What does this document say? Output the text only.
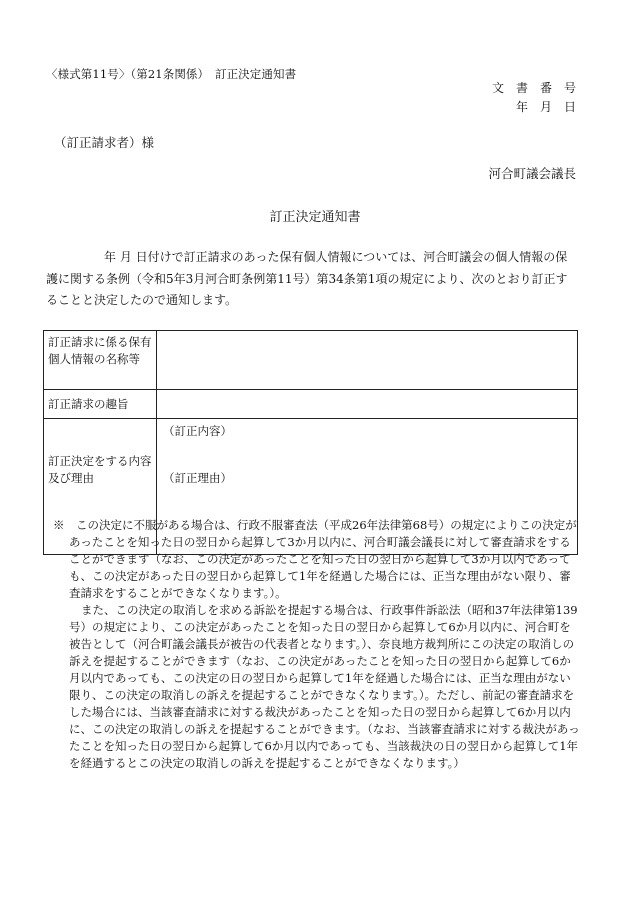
〈様式第11号〉（第21条関係）　訂正決定通知書
文　書　番　号
年　月　日
（訂正請求者）様
河合町議会議長
訂正決定通知書

年 月 日付けで訂正請求のあった保有個人情報については、河合町議会の個人情報の保護に関する条例（令和5年3月河合町条例第11号）第34条第1項の規定により、次のとおり訂正することと決定したので通知します。

訂正請求に係る保有個人情報の名称等	
訂正請求の趣旨	
訂正決定をする内容及び理由	（訂正内容）
（訂正理由）

※　この決定に不服がある場合は、行政不服審査法（平成26年法律第68号）の規定によりこの決定があったことを知った日の翌日から起算して3か月以内に、河合町議会議長に対して審査請求をすることができます（なお、この決定があったことを知った日の翌日から起算して3か月以内であっても、この決定があった日の翌日から起算して1年を経過した場合には、正当な理由がない限り、審査請求をすることができなくなります。）。

また、この決定の取消しを求める訴訟を提起する場合は、行政事件訴訟法（昭和37年法律第139号）の規定により、この決定があったことを知った日の翌日から起算して6か月以内に、河合町を被告として（河合町議会議長が被告の代表者となります。）、奈良地方裁判所にこの決定の取消しの訴えを提起することができます（なお、この決定があったことを知った日の翌日から起算して6か月以内であっても、この決定の日の翌日から起算して1年を経過した場合には、正当な理由がない限り、この決定の取消しの訴えを提起することができなくなります。）。ただし、前記の審査請求をした場合には、当該審査請求に対する裁決があったことを知った日の翌日から起算して6か月以内に、この決定の取消しの訴えを提起することができます。（なお、当該審査請求に対する裁決があったことを知った日の翌日から起算して6か月以内であっても、当該裁決の日の翌日から起算して1年を経過するとこの決定の取消しの訴えを提起することができなくなります。）
